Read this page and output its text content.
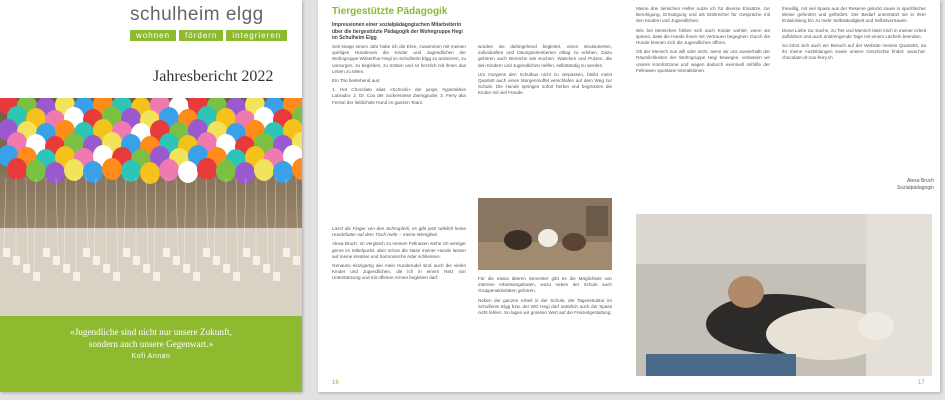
schulheim elgg
wohnen	fördern	integrieren
Jahresbericht 2022
«Jugendliche sind nicht nur unsere Zukunft,
sondern auch unsere Gegenwart.»
Kofi Annan
Tiergestützte Pädagogik
Impressionen einer sozialpädagogischen Mitarbeiterin über die tiergestützte Pädagogik der Wohngruppe Hegi im Schulheim Elgg

Seit knapp einem Jahr habe ich die Ehre, zusammen mit meinen quirligen Hündinnen die Kinder und Jugendlichen der Wohngruppe Winterthur-Hegi im Schulheim Elgg zu animieren, zu umsorgen, zu begleiten, zu trösten und so herzlich mit ihnen das Leben zu teilen.

Ein Trio bestehend aus:

1. Hot Chocolate alias «Schocki» der junge, hyperaktive Labrador. 2. Dr. Coo der zuckersüsse Zwergpudel. 3. Ferry aka Ferrari der lieblichste Hund im ganzen Team.

Lasst die Finger von den Schnupferli, es gibt jetzt wirklich keine Hundefutter auf dem Tisch mehr – meine Wenigkeit.

Alexa Bruch: Im Vergleich zu meinen Fellnasen stehe ich weniger gerne im Mittelpunkt, aber schon die Nase meiner Hunde lassen auf meine kreative und harmonische Ader schliessen.

Genauso einzigartig wie mein Hunderudel sind auch die vielen Kinder und Jugendlichen, die ich in einem Netz von Unterstützung und mit offenen Armen begleiten darf.

worden sie dahingehend begleitet, einen strukturierten, individuellen und lösungsorientierten Alltag zu erleben. Dazu gehören auch Bereiche wie Kochen, Waschen und Putzen, die den Kindern und Jugendlichen helfen, selbständig zu werden.

Um morgens den Schulbus nicht zu verpassen, bleibt meist Quartett auch einen Morgenmuffel verschlafen auf dem Weg zur Schule. Die Hunde springen sofort herbei und begrüssen die Kinder mit viel Freude.

Für die etwas älteren Semester gibt es die Möglichkeit von internen Arbeitsangeboten, wozu neben der Schule auch Gruppenaktivitäten gehören.

Neben der ganzen Arbeit in der Schule, der Tagesstruktur im Schulheim Elgg bzw. der WG Hegi darf natürlich auch der Spass nicht fehlen. So lagen wir grossen Wert auf die Freizeitgestaltung.

16

Meine drei tierischen Helfer nutze ich für diverse Einsätze, zur Beruhigung, Ermutigung und als Eisbrecher für Gespräche mit den Kindern und Jugendlichen.

Wie bei Menschen fühlen sich auch Kinder wohler, wenn sie spüren, dass die Hunde ihnen mit Vertrauen begegnen. Durch die Hunde können sich die Jugendlichen öffnen.

Ob der Mensch nun will oder nicht, wenn wir uns ausserhalb der Räumlichkeiten der Wohngruppe Hegi bewegen, verlassen wir unsere Komfortzone und wagen dadurch eventuell mithilfe der Fellnasen spontane Interaktionen.

freiwillig, mit viel Spass aus der Reserve gelockt sowie in spezifischer Weise gefordert und gefördert. Der Bedarf unterstützt sie in ihrer Entwicklung hin zu mehr Selbständigkeit und Selbstvertrauen.

Diese Liebe zur Sache, zu Tier und Mensch lässt mich in meiner Arbeit aufblühen und auch anstrengende Tage mit einem Lächeln beenden.

So lohnt sich auch ein Besuch auf der Website meines Quartetts, da ihr meine Ausbildungen sowie unsere Geschichte findet: www.hot-chocolate-dr-coo-ferry.ch

Alexa Bruch
Sozialpädagogin
17
